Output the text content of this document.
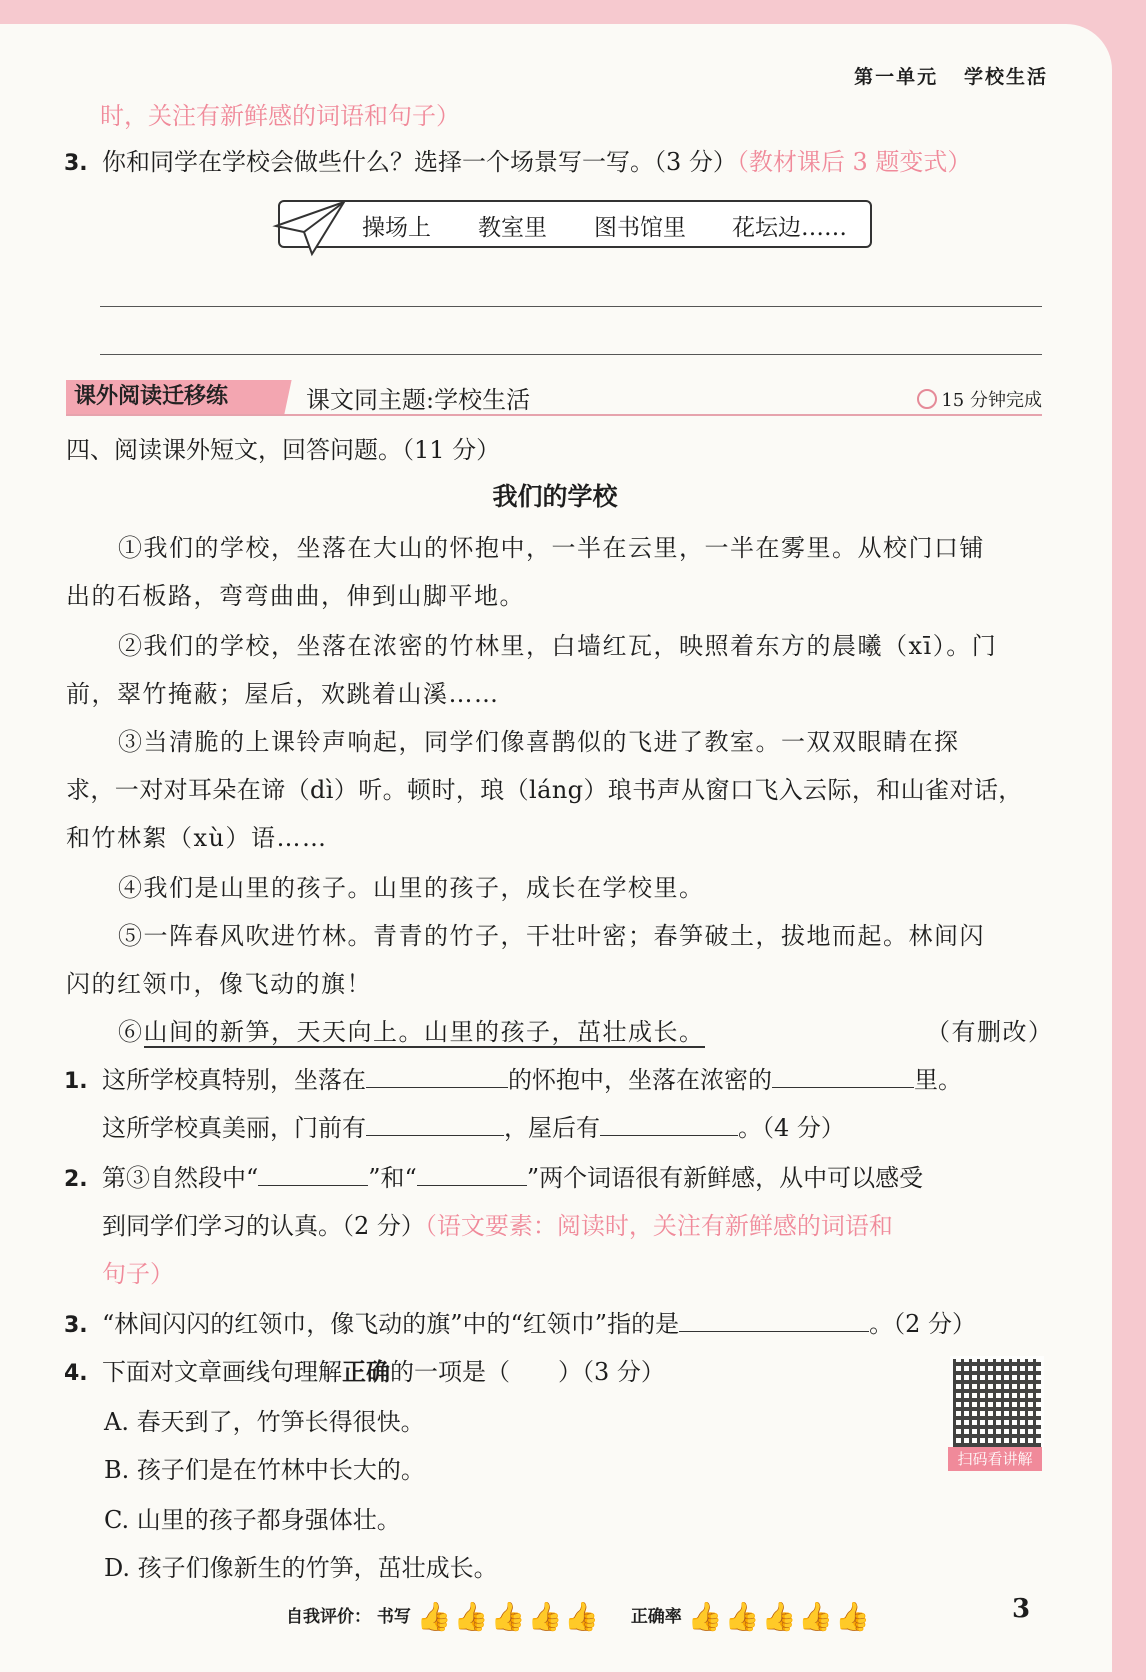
第一单元 学校生活
时，关注有新鲜感的词语和句子）
3. 你和同学在学校会做些什么？选择一个场景写一写。（3 分）（教材课后 3 题变式）
操场上 教室里 图书馆里 花坛边……
课外阅读迁移练	课文同主题:学校生活	15 分钟完成
四、阅读课外短文，回答问题。（11 分）
我们的学校
①我们的学校，坐落在大山的怀抱中，一半在云里，一半在雾里。从校门口铺
出的石板路，弯弯曲曲，伸到山脚平地。
②我们的学校，坐落在浓密的竹林里，白墙红瓦，映照着东方的晨曦（xī）。门
前，翠竹掩蔽；屋后，欢跳着山溪……
③当清脆的上课铃声响起，同学们像喜鹊似的飞进了教室。一双双眼睛在探
求，一对对耳朵在谛（dì）听。顿时，琅（láng）琅书声从窗口飞入云际，和山雀对话，
和竹林絮（xù）语……
④我们是山里的孩子。山里的孩子，成长在学校里。
⑤一阵春风吹进竹林。青青的竹子，干壮叶密；春笋破土，拔地而起。林间闪
闪的红领巾，像飞动的旗！
⑥山间的新笋，天天向上。山里的孩子，茁壮成长。	（有删改）
1. 这所学校真特别，坐落在	的怀抱中，坐落在浓密的	里。
这所学校真美丽，门前有	，屋后有	。（4 分）
2. 第③自然段中“	”和“	”两个词语很有新鲜感，从中可以感受
到同学们学习的认真。（2 分）（语文要素：阅读时，关注有新鲜感的词语和
句子）
3. “林间闪闪的红领巾，像飞动的旗”中的“红领巾”指的是	。（2 分）
4. 下面对文章画线句理解正确的一项是（　　）（3 分）
A. 春天到了，竹笋长得很快。
B. 孩子们是在竹林中长大的。
C. 山里的孩子都身强体壮。
D. 孩子们像新生的竹笋，茁壮成长。
扫码看讲解
自我评价： 书写 👍👍👍👍👍 正确率 👍👍👍👍👍	3
